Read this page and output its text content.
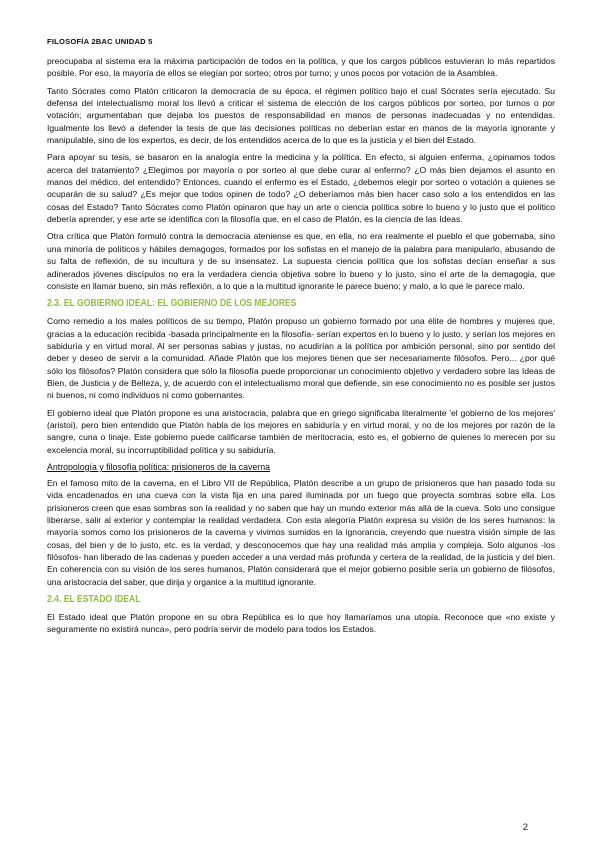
FILOSOFÍA 2BAC UNIDAD 5

preocupaba al sistema era la máxima participación de todos en la política, y que los cargos públicos estuvieran lo más repartidos posible. Por eso, la mayoría de ellos se elegían por sorteo; otros por turno; y unos pocos por votación de la Asamblea.

Tanto Sócrates como Platón criticaron la democracia de su época, el régimen político bajo el cual Sócrates sería ejecutado. Su defensa del intelectualismo moral los llevó a criticar el sistema de elección de los cargos públicos por sorteo, por turnos o por votación; argumentaban que dejaba los puestos de responsabilidad en manos de personas inadecuadas y no entendidas. Igualmente los llevó a defender la tesis de que las decisiones políticas no deberían estar en manos de la mayoría ignorante y manipulable, sino de los expertos, es decir, de los entendidos acerca de lo que es la justicia y el bien del Estado.

Para apoyar su tesis, se basaron en la analogía entre la medicina y la política. En efecto, si alguien enferma, ¿opinamos todos acerca del tratamiento? ¿Elegimos por mayoría o por sorteo al que debe curar al enfermo? ¿O más bien dejamos el asunto en manos del médico, del entendido? Entonces, cuando el enfermo es el Estado, ¿debemos elegir por sorteo o votación a quienes se ocuparán de su salud? ¿Es mejor que todos opinen de todo? ¿O deberíamos más bien hacer caso solo a los entendidos en las cosas del Estado? Tanto Sócrates como Platón opinaron que hay un arte o ciencia política sobre lo bueno y lo justo que el político debería aprender, y ese arte se identifica con la filosofía que, en el caso de Platón, es la ciencia de las Ideas.

Otra crítica que Platón formuló contra la democracia ateniense es que, en ella, no era realmente el pueblo el que gobernaba, sino una minoría de políticos y hábiles demagogos, formados por los sofistas en el manejo de la palabra para manipularlo, abusando de su falta de reflexión, de su incultura y de su insensatez. La supuesta ciencia política que los sofistas decían enseñar a sus adinerados jóvenes discípulos no era la verdadera ciencia objetiva sobre lo bueno y lo justo, sino el arte de la demagogia, que consiste en llamar bueno, sin más reflexión, a lo que a la multitud ignorante le parece bueno; y malo, a lo que le parece malo.

2.3. EL GOBIERNO IDEAL: EL GOBIERNO DE LOS MEJORES

Como remedio a los males políticos de su tiempo, Platón propuso un gobierno formado por una élite de hombres y mujeres que, gracias a la educación recibida -basada principalmente en la filosofía- serían expertos en lo bueno y lo justo, y serían los mejores en sabiduría y en virtud moral. Al ser personas sabias y justas, no acudirían a la política por ambición personal, sino por sentido del deber y deseo de servir a la comunidad. Añade Platón que los mejores tienen que ser necesariamente filósofos. Pero... ¿por qué sólo los filósofos? Platón considera que sólo la filosofía puede proporcionar un conocimiento objetivo y verdadero sobre las Ideas de Bien, de Justicia y de Belleza, y, de acuerdo con el intelectualismo moral que defiende, sin ese conocimiento no es posible ser justos ni buenos, ni como individuos ni como gobernantes.

El gobierno ideal que Platón propone es una aristocracia, palabra que en griego significaba literalmente 'el gobierno de los mejores' (aristoi), pero bien entendido que Platón habla de los mejores en sabiduría y en virtud moral, y no de los mejores por razón de la sangre, cuna o linaje. Este gobierno puede calificarse también de meritocracia, esto es, el gobierno de quienes lo merecen por su excelencia moral, su incorruptibilidad política y su sabiduría.

Antropología y filosofía política: prisioneros de la caverna

En el famoso mito de la caverna, en el Libro VII de República, Platón describe a un grupo de prisioneros que han pasado toda su vida encadenados en una cueva con la vista fija en una pared iluminada por un fuego que proyecta sombras sobre ella. Los prisioneros creen que esas sombras son la realidad y no saben que hay un mundo exterior más allá de la cueva. Solo uno consigue liberarse, salir al exterior y contemplar la realidad verdadera. Con esta alegoría Platón expresa su visión de los seres humanos: la mayoría somos como los prisioneros de la caverna y vivimos sumidos en la ignorancia, creyendo que nuestra visión simple de las cosas, del bien y de lo justo, etc. es la verdad, y desconocemos que hay una realidad más amplia y compleja. Solo algunos -los filósofos- han liberado de las cadenas y pueden acceder a una verdad más profunda y certera de la realidad, de la justicia y del bien. En coherencia con su visión de los seres humanos, Platón considerará que el mejor gobierno posible sería un gobierno de filósofos, una aristocracia del saber, que dirija y organice a la multitud ignorante.

2.4. EL ESTADO IDEAL

El Estado ideal que Platón propone en su obra República es lo que hoy llamaríamos una utopía. Reconoce que «no existe y seguramente no existirá nunca», pero podría servir de modelo para todos los Estados.

2
